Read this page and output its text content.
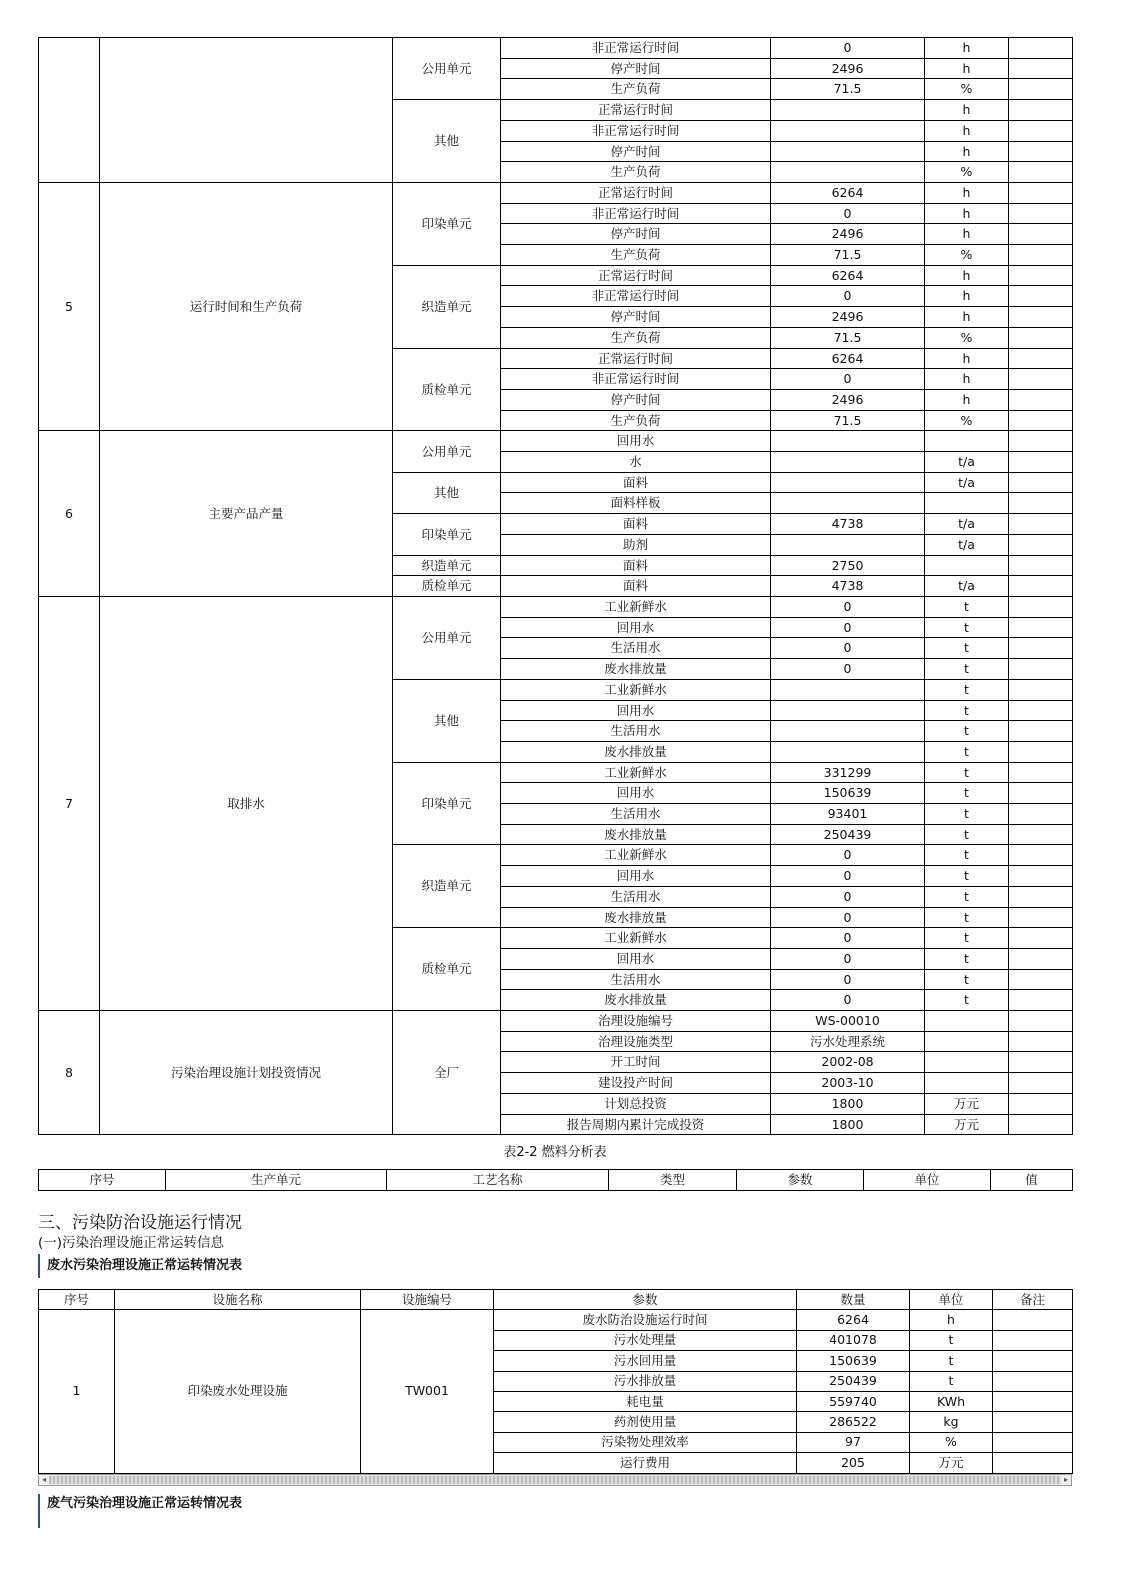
		公用单元	非正常运行时间	0	h	
			停产时间	2496	h	
			生产负荷	71.5	%	
		其他	正常运行时间		h	
			非正常运行时间		h	
			停产时间		h	
			生产负荷		%	
5	运行时间和生产负荷	印染单元	正常运行时间	6264	h	
			非正常运行时间	0	h	
			停产时间	2496	h	
			生产负荷	71.5	%	
		织造单元	正常运行时间	6264	h	
			非正常运行时间	0	h	
			停产时间	2496	h	
			生产负荷	71.5	%	
		质检单元	正常运行时间	6264	h	
			非正常运行时间	0	h	
			停产时间	2496	h	
			生产负荷	71.5	%	
6	主要产品产量	公用单元	回用水			
			水		t/a	
		其他	面料		t/a	
			面料样板			
		印染单元	面料	4738	t/a	
			助剂		t/a	
		织造单元	面料	2750		
		质检单元	面料	4738	t/a	
7	取排水	公用单元	工业新鲜水	0	t	
			回用水	0	t	
			生活用水	0	t	
			废水排放量	0	t	
		其他	工业新鲜水		t	
			回用水		t	
			生活用水		t	
			废水排放量		t	
		印染单元	工业新鲜水	331299	t	
			回用水	150639	t	
			生活用水	93401	t	
			废水排放量	250439	t	
		织造单元	工业新鲜水	0	t	
			回用水	0	t	
			生活用水	0	t	
			废水排放量	0	t	
		质检单元	工业新鲜水	0	t	
			回用水	0	t	
			生活用水	0	t	
			废水排放量	0	t	
8	污染治理设施计划投资情况	全厂	治理设施编号	WS-00010		
			治理设施类型	污水处理系统		
			开工时间	2002-08		
			建设投产时间	2003-10		
			计划总投资	1800	万元	
			报告周期内累计完成投资	1800	万元	
表2-2 燃料分析表
序号	生产单元	工艺名称	类型	参数	单位	值
三、污染防治设施运行情况
(一)污染治理设施正常运转信息
废水污染治理设施正常运转情况表
序号	设施名称	设施编号	参数	数量	单位	备注
1	印染废水处理设施	TW001	废水防治设施运行时间	6264	h	
			污水处理量	401078	t	
			污水回用量	150639	t	
			污水排放量	250439	t	
			耗电量	559740	KWh	
			药剂使用量	286522	kg	
			污染物处理效率	97	%	
			运行费用	205	万元	
◂	▸
废气污染治理设施正常运转情况表
